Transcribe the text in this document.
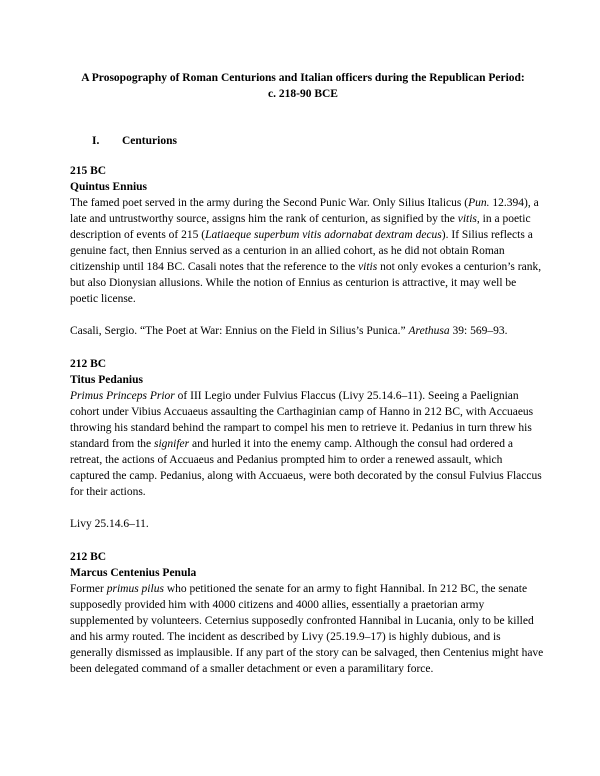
A Prosopography of Roman Centurions and Italian officers during the Republican Period:
c. 218-90 BCE
I. Centurions
215 BC
Quintus Ennius

The famed poet served in the army during the Second Punic War. Only Silius Italicus (Pun. 12.394), a late and untrustworthy source, assigns him the rank of centurion, as signified by the vitis, in a poetic description of events of 215 (Latiaeque superbum vitis adornabat dextram decus). If Silius reflects a genuine fact, then Ennius served as a centurion in an allied cohort, as he did not obtain Roman citizenship until 184 BC. Casali notes that the reference to the vitis not only evokes a centurion’s rank, but also Dionysian allusions. While the notion of Ennius as centurion is attractive, it may well be poetic license.

Casali, Sergio. “The Poet at War: Ennius on the Field in Silius’s Punica.” Arethusa 39: 569–93.
212 BC
Titus Pedanius

Primus Princeps Prior of III Legio under Fulvius Flaccus (Livy 25.14.6–11). Seeing a Paelignian cohort under Vibius Accuaeus assaulting the Carthaginian camp of Hanno in 212 BC, with Accuaeus throwing his standard behind the rampart to compel his men to retrieve it. Pedanius in turn threw his standard from the signifer and hurled it into the enemy camp. Although the consul had ordered a retreat, the actions of Accuaeus and Pedanius prompted him to order a renewed assault, which captured the camp. Pedanius, along with Accuaeus, were both decorated by the consul Fulvius Flaccus for their actions.

Livy 25.14.6–11.
212 BC
Marcus Centenius Penula

Former primus pilus who petitioned the senate for an army to fight Hannibal. In 212 BC, the senate supposedly provided him with 4000 citizens and 4000 allies, essentially a praetorian army supplemented by volunteers. Ceternius supposedly confronted Hannibal in Lucania, only to be killed and his army routed. The incident as described by Livy (25.19.9–17) is highly dubious, and is generally dismissed as implausible. If any part of the story can be salvaged, then Centenius might have been delegated command of a smaller detachment or even a paramilitary force.
